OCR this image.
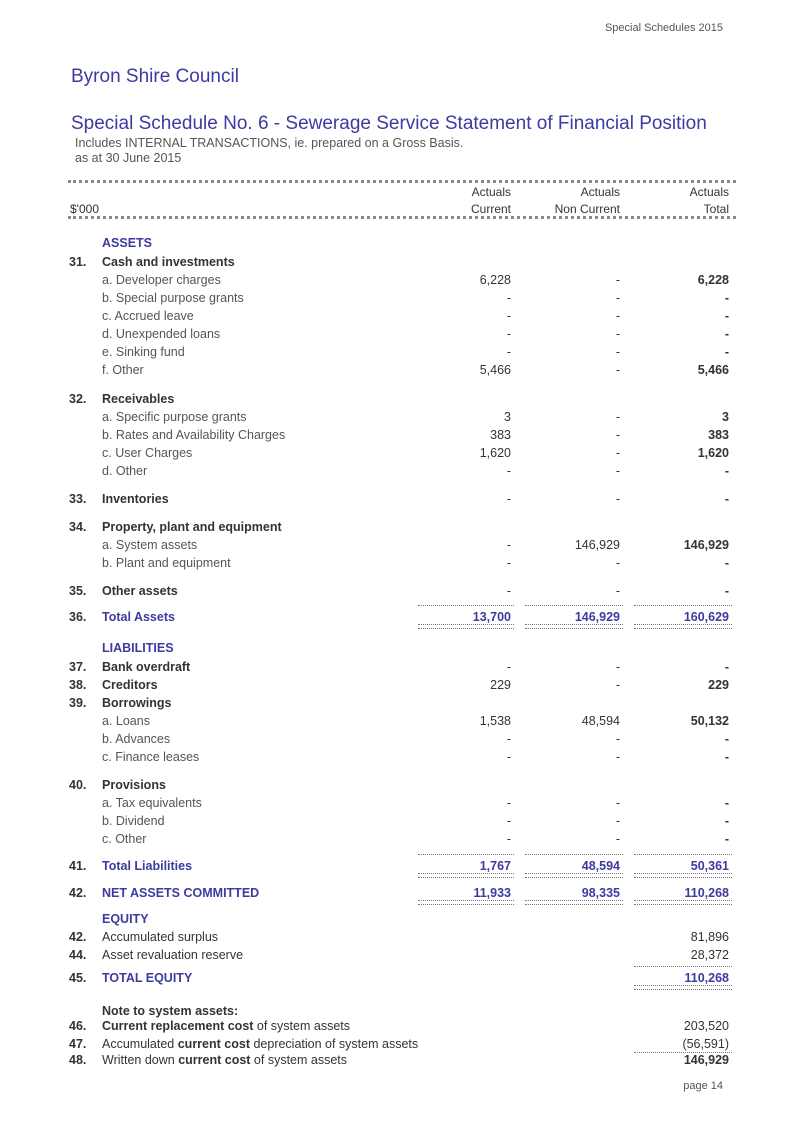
Special Schedules 2015
Byron Shire Council
Special Schedule No. 6 - Sewerage Service Statement of Financial Position
Includes INTERNAL TRANSACTIONS, ie. prepared on a Gross Basis.
as at 30 June 2015
Actuals	Actuals	Actuals
$'000	Current	Non Current	Total
ASSETS
31.	Cash and investments
a. Developer charges	6,228	-	6,228
b. Special purpose grants	-	-	-
c. Accrued leave	-	-	-
d. Unexpended loans	-	-	-
e. Sinking fund	-	-	-
f. Other	5,466	-	5,466
32.	Receivables
a. Specific purpose grants	3	-	3
b. Rates and Availability Charges	383	-	383
c. User Charges	1,620	-	1,620
d. Other	-	-	-
33.	Inventories	-	-	-
34.	Property, plant and equipment
a. System assets	-	146,929	146,929
b. Plant and equipment	-	-	-
35.	Other assets	-	-	-
36.	Total Assets	13,700	146,929	160,629
LIABILITIES
37.	Bank overdraft	-	-	-
38.	Creditors	229	-	229
39.	Borrowings
a. Loans	1,538	48,594	50,132
b. Advances	-	-	-
c. Finance leases	-	-	-
40.	Provisions
a. Tax equivalents	-	-	-
b. Dividend	-	-	-
c. Other	-	-	-
41.	Total Liabilities	1,767	48,594	50,361
42.	NET ASSETS COMMITTED	11,933	98,335	110,268
EQUITY
42.	Accumulated surplus	81,896
44.	Asset revaluation reserve	28,372
45.	TOTAL EQUITY	110,268
Note to system assets:
46.	Current replacement cost of system assets	203,520
47.	Accumulated current cost depreciation of system assets	(56,591)
48.	Written down current cost of system assets	146,929
page 14
